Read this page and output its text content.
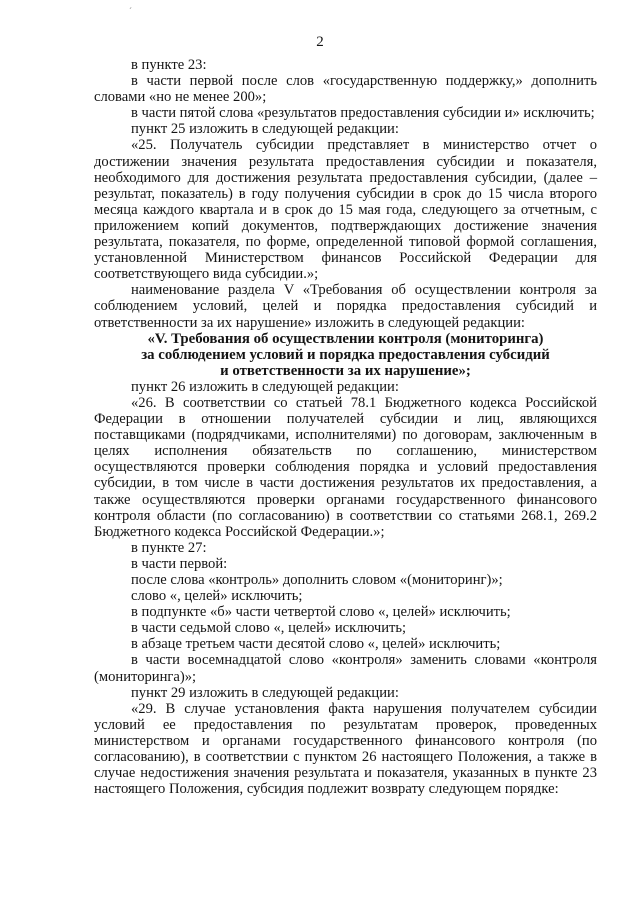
ˊ
2

в пункте 23:

в части первой после слов «государственную поддержку,» дополнить словами «но не менее 200»;

в части пятой слова «результатов предоставления субсидии и» исключить;

пункт 25 изложить в следующей редакции:

«25. Получатель субсидии представляет в министерство отчет о достижении значения результата предоставления субсидии и показателя, необходимого для достижения результата предоставления субсидии, (далее – результат, показатель) в году получения субсидии в срок до 15 числа второго месяца каждого квартала и в срок до 15 мая года, следующего за отчетным, с приложением копий документов, подтверждающих достижение значения результата, показателя, по форме, определенной типовой формой соглашения, установленной Министерством финансов Российской Федерации для соответствующего вида субсидии.»;

наименование раздела V «Требования об осуществлении контроля за соблюдением условий, целей и порядка предоставления субсидий и ответственности за их нарушение» изложить в следующей редакции:

«V. Требования об осуществлении контроля (мониторинга)
за соблюдением условий и порядка предоставления субсидий
и ответственности за их нарушение»;

пункт 26 изложить в следующей редакции:

«26. В соответствии со статьей 78.1 Бюджетного кодекса Российской Федерации в отношении получателей субсидии и лиц, являющихся поставщиками (подрядчиками, исполнителями) по договорам, заключенным в целях исполнения обязательств по соглашению, министерством осуществляются проверки соблюдения порядка и условий предоставления субсидии, в том числе в части достижения результатов их предоставления, а также осуществляются проверки органами государственного финансового контроля области (по согласованию) в соответствии со статьями 268.1, 269.2 Бюджетного кодекса Российской Федерации.»;

в пункте 27:

в части первой:

после слова «контроль» дополнить словом «(мониторинг)»;

слово «, целей» исключить;

в подпункте «б» части четвертой слово «, целей» исключить;

в части седьмой слово «, целей» исключить;

в абзаце третьем части десятой слово «, целей» исключить;

в части восемнадцатой слово «контроля» заменить словами «контроля (мониторинга)»;

пункт 29 изложить в следующей редакции:

«29. В случае установления факта нарушения получателем субсидии условий ее предоставления по результатам проверок, проведенных министерством и органами государственного финансового контроля (по согласованию), в соответствии с пунктом 26 настоящего Положения, а также в случае недостижения значения результата и показателя, указанных в пункте 23 настоящего Положения, субсидия подлежит возврату следующем порядке:
